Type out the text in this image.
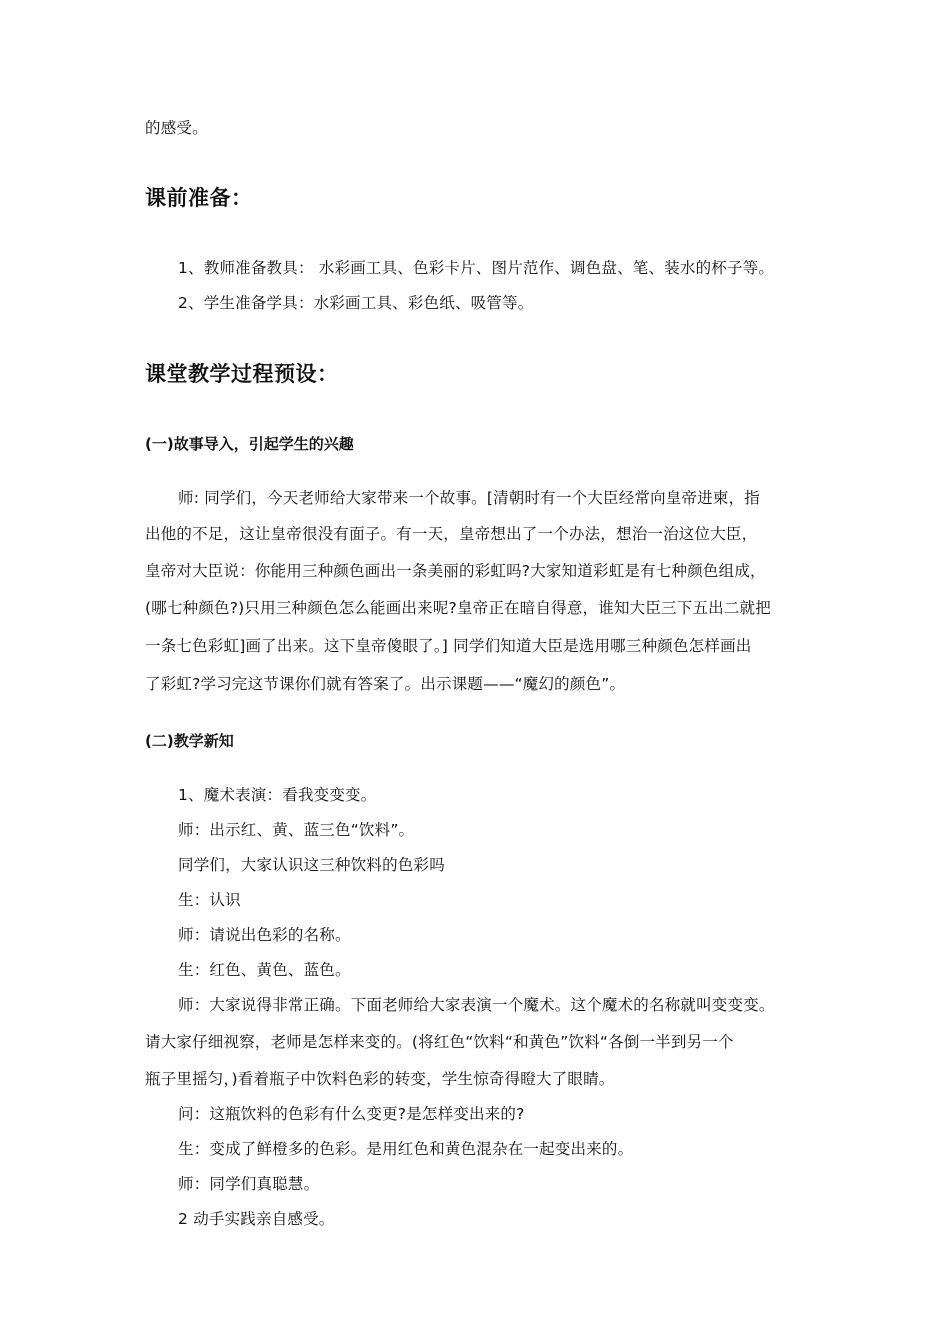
的感受。
课前准备：
1、教师准备教具： 水彩画工具、色彩卡片、图片范作、调色盘、笔、装水的杯子等。
2、学生准备学具：水彩画工具、彩色纸、吸管等。
课堂教学过程预设：
(一)故事导入，引起学生的兴趣
师: 同学们，今天老师给大家带来一个故事。[清朝时有一个大臣经常向皇帝进柬，指
出他的不足，这让皇帝很没有面子。有一天，皇帝想出了一个办法，想治一治这位大臣，
皇帝对大臣说：你能用三种颜色画出一条美丽的彩虹吗?大家知道彩虹是有七种颜色组成，
(哪七种颜色?)只用三种颜色怎么能画出来呢?皇帝正在暗自得意，谁知大臣三下五出二就把
一条七色彩虹]画了出来。这下皇帝傻眼了。] 同学们知道大臣是选用哪三种颜色怎样画出
了彩虹?学习完这节课你们就有答案了。出示课题——“魔幻的颜色”。
(二)教学新知
1、魔术表演：看我变变变。
师：出示红、黄、蓝三色“饮料”。
同学们，大家认识这三种饮料的色彩吗
生：认识
师：请说出色彩的名称。
生：红色、黄色、蓝色。
师：大家说得非常正确。下面老师给大家表演一个魔术。这个魔术的名称就叫变变变。
请大家仔细视察，老师是怎样来变的。(将红色“饮料“和黄色”饮料“各倒一半到另一个
瓶子里摇匀，)看着瓶子中饮料色彩的转变，学生惊奇得瞪大了眼睛。
问：这瓶饮料的色彩有什么变更?是怎样变出来的?
生：变成了鲜橙多的色彩。是用红色和黄色混杂在一起变出来的。
师：同学们真聪慧。
2 动手实践亲自感受。
